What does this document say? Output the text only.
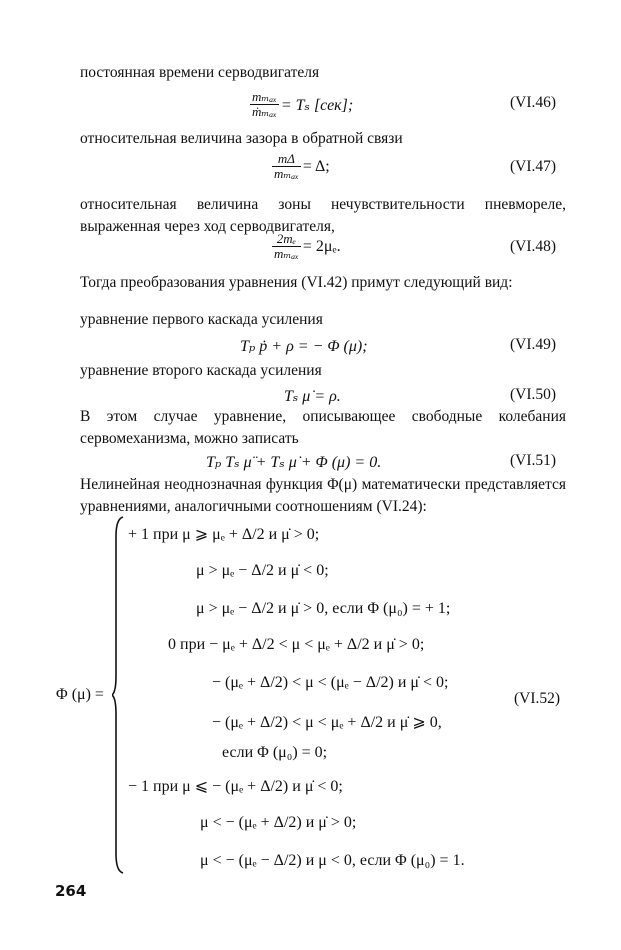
постоянная времени серводвигателя
$\frac{\text{mₘₐₓ}}{\text{ṁₘₐₓ}} = T_s$ [сек];	(VI.46)
относительная величина зазора в обратной связи
$\frac{m\Delta}{\text{mₘₐₓ}} = \Delta$;	(VI.47)
относительная величина зоны нечувствительности пневмореле, выраженная через ход серводвигателя,
$\frac{\text{2mₑ}}{\text{mₘₐₓ}} = 2\mu_e$.	(VI.48)
Тогда преобразования уравнения (VI.42) примут следующий вид:
уравнение первого каскада усиления
Tₚ ṗ + ρ = − Φ (μ);	(VI.49)
уравнение второго каскада усиления
Tₛ μ̇ = ρ.	(VI.50)
В этом случае уравнение, описывающее свободные колебания сервомеханизма, можно записать
Tₚ Tₛ μ̈ + Tₛ μ̇ + Φ (μ) = 0.	(VI.51)
Нелинейная неоднозначная функция Φ(μ) математически представляется уравнениями, аналогичными соотношениям (VI.24):
Φ (μ) =
+ 1 при μ ⩾ μₑ + Δ/2 и μ̇ > 0;
μ > μₑ − Δ/2 и μ̇ < 0;
μ > μₑ − Δ/2 и μ̇ > 0, если Φ (μ₀) = + 1;
0 при − μₑ + Δ/2 < μ < μₑ + Δ/2 и μ̇ > 0;
− (μₑ + Δ/2) < μ < (μₑ − Δ/2) и μ̇ < 0;
− (μₑ + Δ/2) < μ < μₑ + Δ/2 и μ̇ ⩾ 0,
если Φ (μ₀) = 0;
− 1 при μ ⩽ − (μₑ + Δ/2) и μ̇ < 0;
μ < − (μₑ + Δ/2) и μ̇ > 0;
μ < − (μₑ − Δ/2) и μ < 0, если Φ (μ₀) = 1.
(VI.52)
264
